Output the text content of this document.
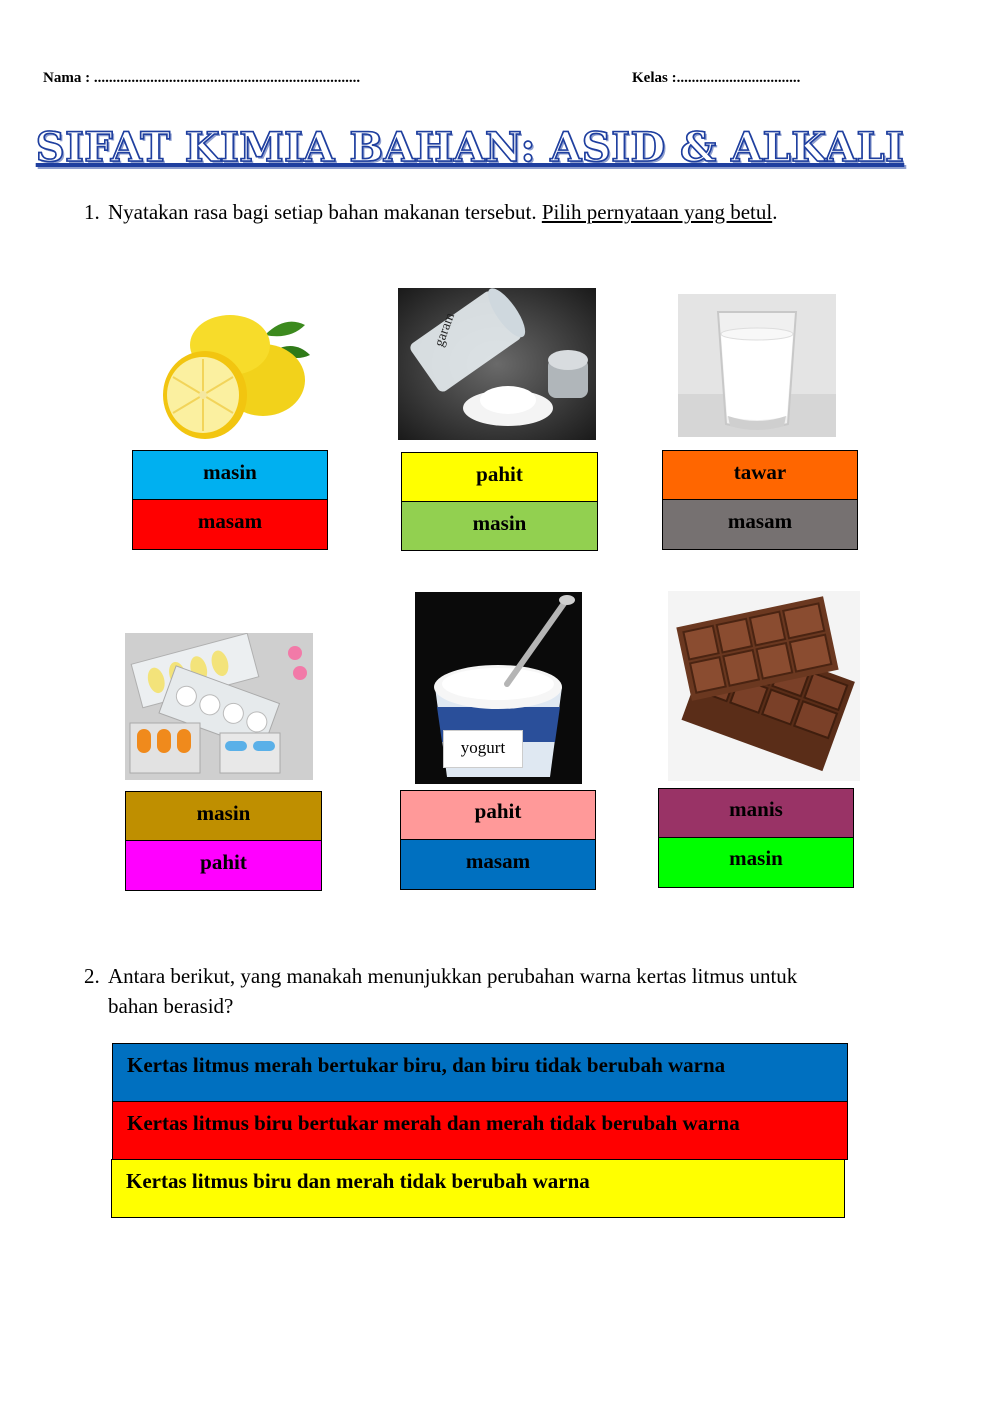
Nama : .......................................................................	Kelas :.................................
SIFAT KIMIA BAHAN: ASID & ALKALI
1. Nyatakan rasa bagi setiap bahan makanan tersebut. Pilih pernyataan yang betul.
masin
masam
garam
pahit
masin
tawar
masam
masin
pahit
yogurt
pahit
masam
manis
masin
2. Antara berikut, yang manakah menunjukkan perubahan warna kertas litmus untuk
bahan berasid?
Kertas litmus merah bertukar biru, dan biru tidak berubah warna
Kertas litmus biru bertukar merah dan merah tidak berubah warna
Kertas litmus biru dan merah tidak berubah warna
